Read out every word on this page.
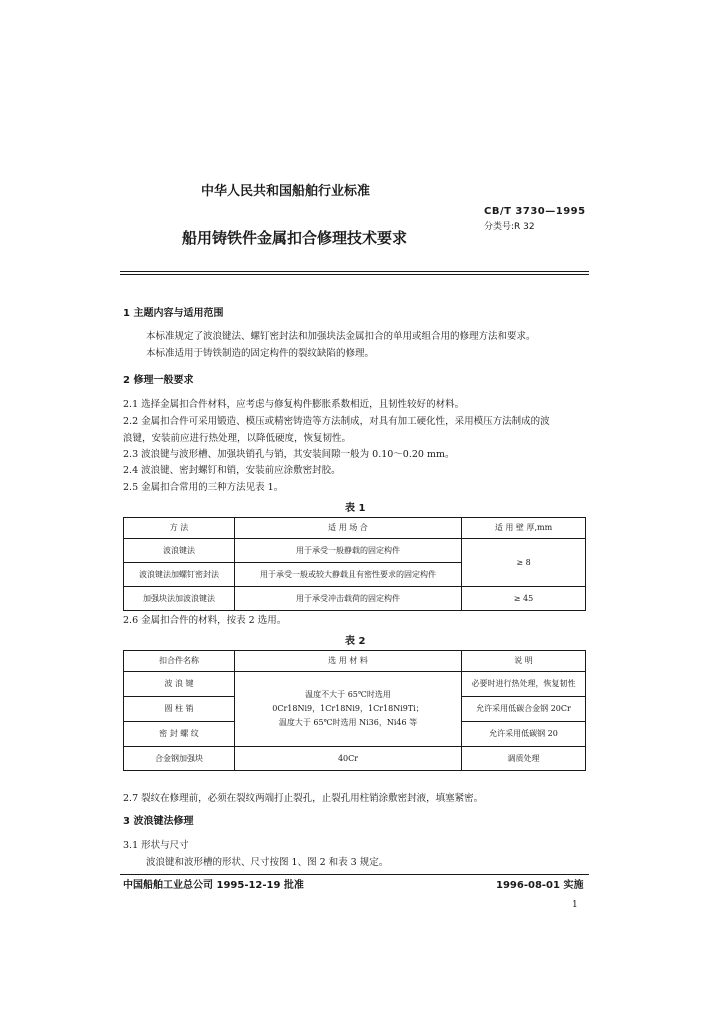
中华人民共和国船舶行业标准
船用铸铁件金属扣合修理技术要求
CB/T 3730—1995
分类号:R 32
1 主题内容与适用范围
本标准规定了波浪键法、螺钉密封法和加强块法金属扣合的单用或组合用的修理方法和要求。
本标准适用于铸铁制造的固定构件的裂纹缺陷的修理。
2 修理一般要求
2.1 选择金属扣合件材料，应考虑与修复构件膨胀系数相近，且韧性较好的材料。
2.2 金属扣合件可采用锻造、模压或精密铸造等方法制成，对具有加工硬化性，采用模压方法制成的波
浪键，安装前应进行热处理，以降低硬度，恢复韧性。
2.3 波浪键与波形槽、加强块销孔与销，其安装间隙一般为 0.10～0.20 mm。
2.4 波浪键、密封螺钉和销，安装前应涂敷密封胶。
2.5 金属扣合常用的三种方法见表 1。
表 1
方 法	适 用 场 合	适 用 壁 厚,mm
波浪键法	用于承受一般静载的固定构件	≥ 8
波浪键法加螺钉密封法	用于承受一般或较大静载且有密性要求的固定构件	
加强块法加波浪键法	用于承受冲击载荷的固定构件	≥ 45
2.6 金属扣合件的材料，按表 2 选用。
表 2
扣合件名称	选 用 材 料	说 明
波 浪 键	温度不大于 65℃时选用
0Cr18Ni9，1Cr18Ni9，1Cr18Ni9Ti；
温度大于 65℃时选用 Ni36，Ni46 等	必要时进行热处理，恢复韧性
圆 柱 销		允许采用低碳合金钢 20Cr
密 封 螺 纹		允许采用低碳钢 20
合金钢加强块	40Cr	调质处理
2.7 裂纹在修理前，必须在裂纹两端打止裂孔，止裂孔用柱销涂敷密封液，填塞紧密。
3 波浪键法修理
3.1 形状与尺寸
波浪键和波形槽的形状、尺寸按图 1、图 2 和表 3 规定。
中国船舶工业总公司 1995-12-19 批准	1996-08-01 实施
1
